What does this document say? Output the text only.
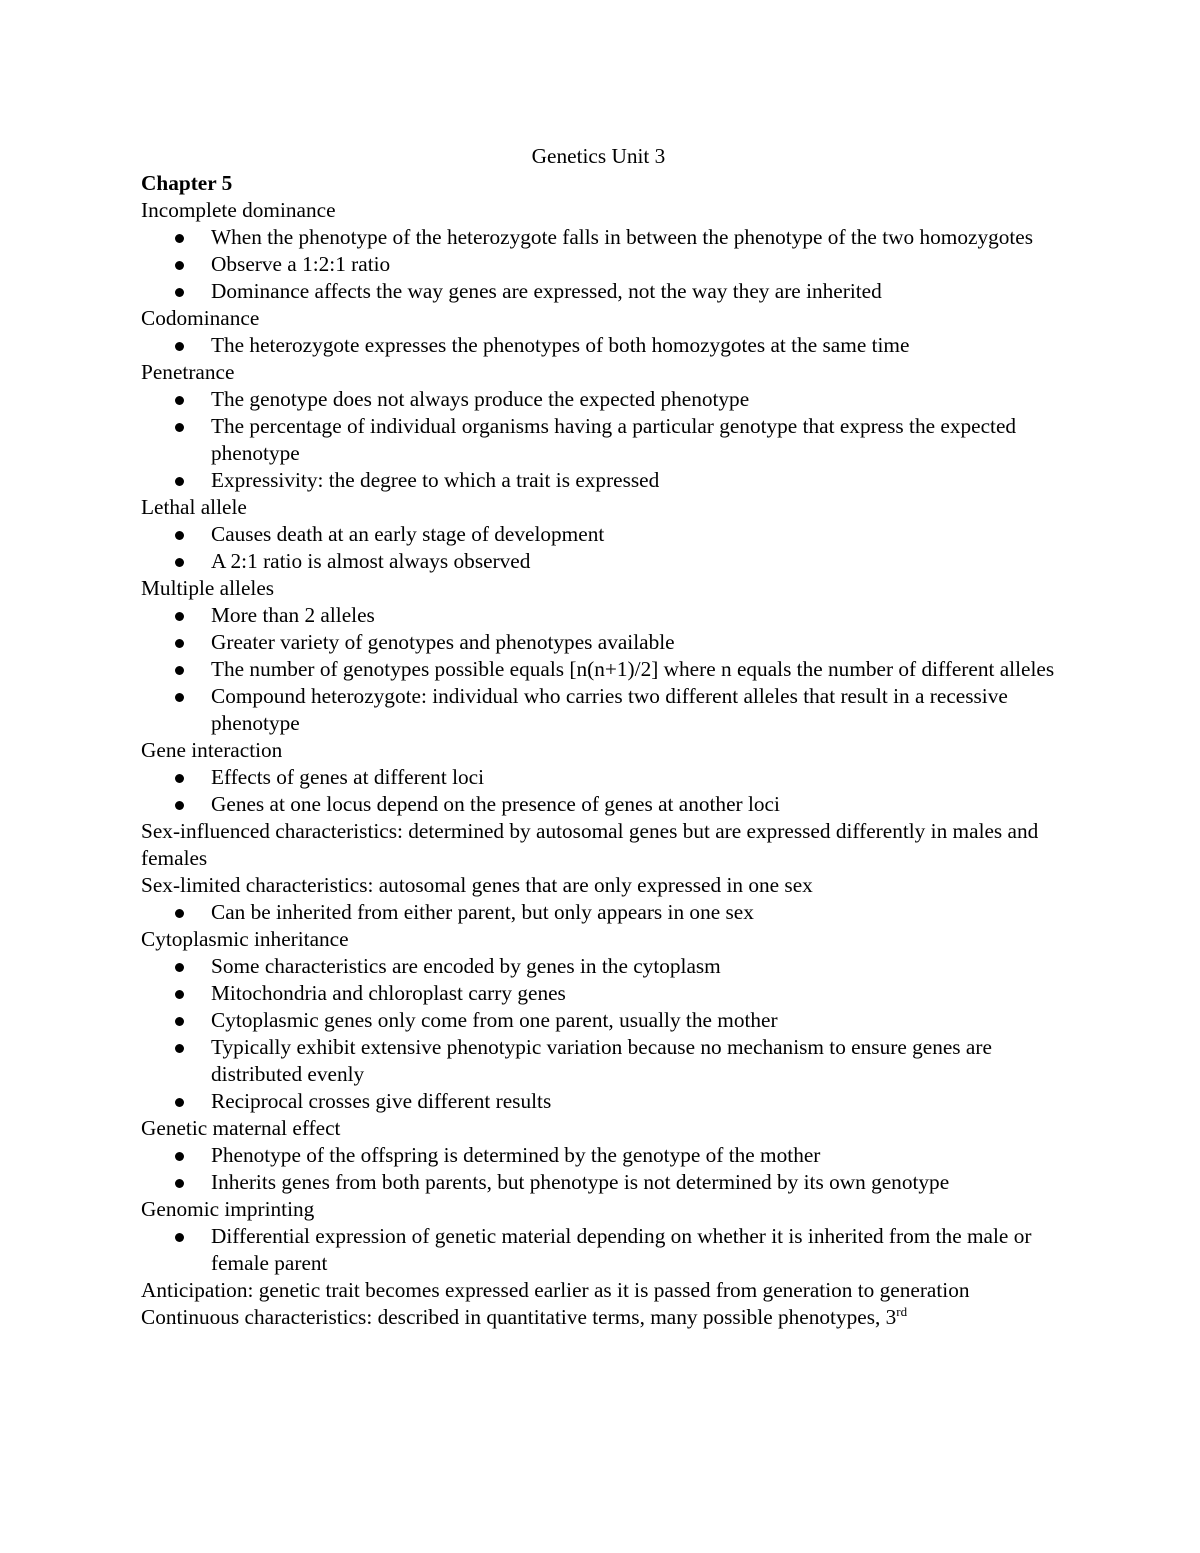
Genetics Unit 3
Chapter 5
Incomplete dominance
When the phenotype of the heterozygote falls in between the phenotype of the two homozygotes
Observe a 1:2:1 ratio
Dominance affects the way genes are expressed, not the way they are inherited
Codominance
The heterozygote expresses the phenotypes of both homozygotes at the same time
Penetrance
The genotype does not always produce the expected phenotype
The percentage of individual organisms having a particular genotype that express the expected phenotype
Expressivity: the degree to which a trait is expressed
Lethal allele
Causes death at an early stage of development
A 2:1 ratio is almost always observed
Multiple alleles
More than 2 alleles
Greater variety of genotypes and phenotypes available
The number of genotypes possible equals [n(n+1)/2] where n equals the number of different alleles
Compound heterozygote: individual who carries two different alleles that result in a recessive phenotype
Gene interaction
Effects of genes at different loci
Genes at one locus depend on the presence of genes at another loci
Sex-influenced characteristics: determined by autosomal genes but are expressed differently in males and females
Sex-limited characteristics: autosomal genes that are only expressed in one sex
Can be inherited from either parent, but only appears in one sex
Cytoplasmic inheritance
Some characteristics are encoded by genes in the cytoplasm
Mitochondria and chloroplast carry genes
Cytoplasmic genes only come from one parent, usually the mother
Typically exhibit extensive phenotypic variation because no mechanism to ensure genes are distributed evenly
Reciprocal crosses give different results
Genetic maternal effect
Phenotype of the offspring is determined by the genotype of the mother
Inherits genes from both parents, but phenotype is not determined by its own genotype
Genomic imprinting
Differential expression of genetic material depending on whether it is inherited from the male or female parent
Anticipation: genetic trait becomes expressed earlier as it is passed from generation to generation
Continuous characteristics: described in quantitative terms, many possible phenotypes, 3rd
